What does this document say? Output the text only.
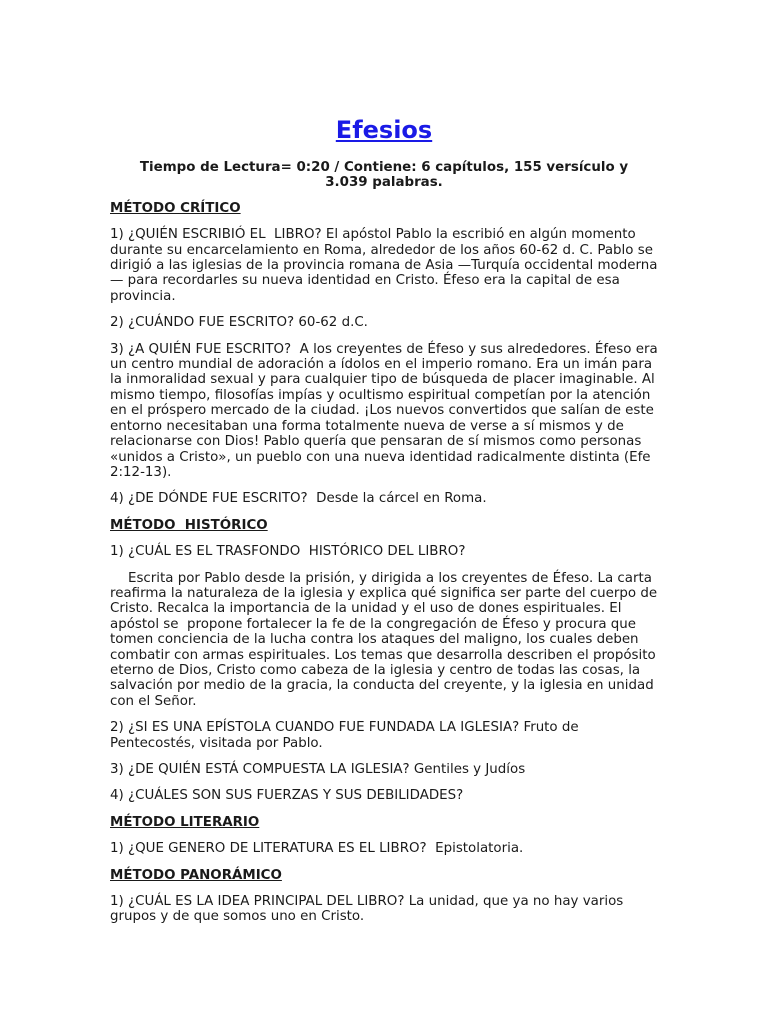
Efesios
Tiempo de Lectura= 0:20 / Contiene: 6 capítulos, 155 versículo y 3.039 palabras.
MÉTODO CRÍTICO
1) ¿QUIÉN ESCRIBIÓ EL  LIBRO? El apóstol Pablo la escribió en algún momento durante su encarcelamiento en Roma, alrededor de los años 60-62 d. C. Pablo se dirigió a las iglesias de la provincia romana de Asia —Turquía occidental moderna— para recordarles su nueva identidad en Cristo. Éfeso era la capital de esa provincia.
2) ¿CUÁNDO FUE ESCRITO? 60-62 d.C.
3) ¿A QUIÉN FUE ESCRITO?  A los creyentes de Éfeso y sus alrededores. Éfeso era un centro mundial de adoración a ídolos en el imperio romano. Era un imán para la inmoralidad sexual y para cualquier tipo de búsqueda de placer imaginable. Al mismo tiempo, filosofías impías y ocultismo espiritual competían por la atención en el próspero mercado de la ciudad. ¡Los nuevos convertidos que salían de este entorno necesitaban una forma totalmente nueva de verse a sí mismos y de relacionarse con Dios! Pablo quería que pensaran de sí mismos como personas «unidos a Cristo», un pueblo con una nueva identidad radicalmente distinta (Efe 2:12-13).
4) ¿DE DÓNDE FUE ESCRITO?  Desde la cárcel en Roma.
MÉTODO  HISTÓRICO
1) ¿CUÁL ES EL TRASFONDO  HISTÓRICO DEL LIBRO?
Escrita por Pablo desde la prisión, y dirigida a los creyentes de Éfeso. La carta reafirma la naturaleza de la iglesia y explica qué significa ser parte del cuerpo de Cristo. Recalca la importancia de la unidad y el uso de dones espirituales. El apóstol se  propone fortalecer la fe de la congregación de Éfeso y procura que tomen conciencia de la lucha contra los ataques del maligno, los cuales deben combatir con armas espirituales. Los temas que desarrolla describen el propósito eterno de Dios, Cristo como cabeza de la iglesia y centro de todas las cosas, la salvación por medio de la gracia, la conducta del creyente, y la iglesia en unidad con el Señor.
2) ¿SI ES UNA EPÍSTOLA CUANDO FUE FUNDADA LA IGLESIA? Fruto de Pentecostés, visitada por Pablo.
3) ¿DE QUIÉN ESTÁ COMPUESTA LA IGLESIA? Gentiles y Judíos
4) ¿CUÁLES SON SUS FUERZAS Y SUS DEBILIDADES?
MÉTODO LITERARIO
1) ¿QUE GENERO DE LITERATURA ES EL LIBRO?  Epistolatoria.
MÉTODO PANORÁMICO
1) ¿CUÁL ES LA IDEA PRINCIPAL DEL LIBRO? La unidad, que ya no hay varios grupos y de que somos uno en Cristo.
